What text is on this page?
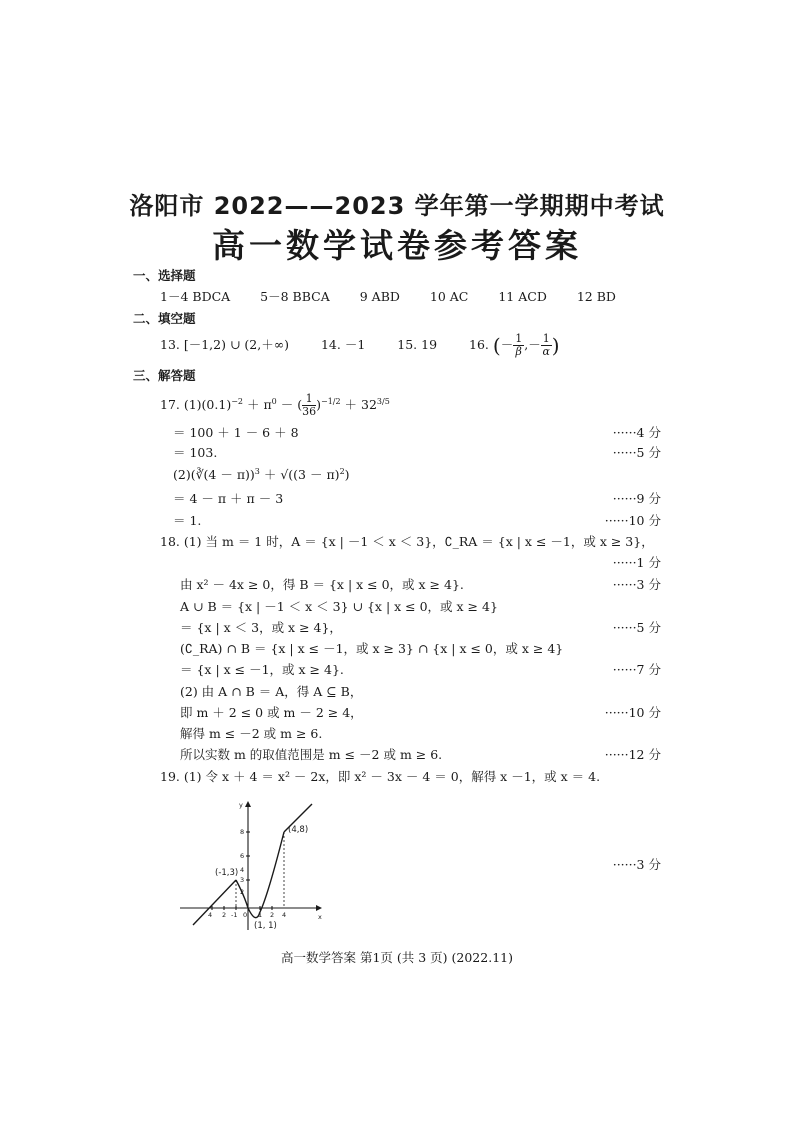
洛阳市 2022——2023 学年第一学期期中考试
高一数学试卷参考答案
一、选择题
1－4 BDCA 5－8 BBCA 9 ABD 10 AC 11 ACD 12 BD
二、填空题
13. [－1,2) ∪ (2,＋∞)	14. －1	15. 19	16. (－ $\frac{1}{\beta}$ ,－ $\frac{1}{\alpha}$ )
三、解答题
17. $(1)(0.1)^{-2} + \pi^0$ － ( $\frac{1}{36} )^{-1/2} + 32^{3/5}$
＝ 100 ＋ 1 － 6 ＋ 8	······4 分
＝ 103.	······5 分
(2)(∛(4 － $\pi))^3 + √((3 - \pi)^2)$
＝ 4 － π ＋ π － 3	······9 分
＝ 1.	······10 分
18. (1) 当 m ＝ 1 时，A ＝ {x | －1 ＜ x ＜ 3}，∁_RA ＝ {x | x ≤ －1，或 x ≥ 3}，
······1 分
由 x² － 4x ≥ 0，得 B ＝ {x | x ≤ 0，或 x ≥ 4}.	······3 分
A ∪ B ＝ {x | －1 ＜ x ＜ 3} ∪ {x | x ≤ 0，或 x ≥ 4}
＝ {x | x ＜ 3，或 x ≥ 4}，	······5 分
(∁_RA) ∩ B ＝ {x | x ≤ －1，或 x ≥ 3} ∩ {x | x ≤ 0，或 x ≥ 4}
＝ {x | x ≤ －1，或 x ≥ 4}.	······7 分
(2) 由 A ∩ B ＝ A，得 A ⊆ B，
即 m ＋ 2 ≤ 0 或 m － 2 ≥ 4，	······10 分
解得 m ≤ －2 或 m ≥ 6.
所以实数 m 的取值范围是 m ≤ －2 或 m ≥ 6.	······12 分
19. (1) 令 x ＋ 4 ＝ x² － 2x，即 x² － 3x － 4 ＝ 0，解得 x －1，或 x ＝ 4.
······3 分
y
x
4 2 -1 0 1 2 4
8
6
4
3
2
(-1,3)
(4,8)
(1, 1)
高一数学答案 第1页 (共 3 页) (2022.11)
